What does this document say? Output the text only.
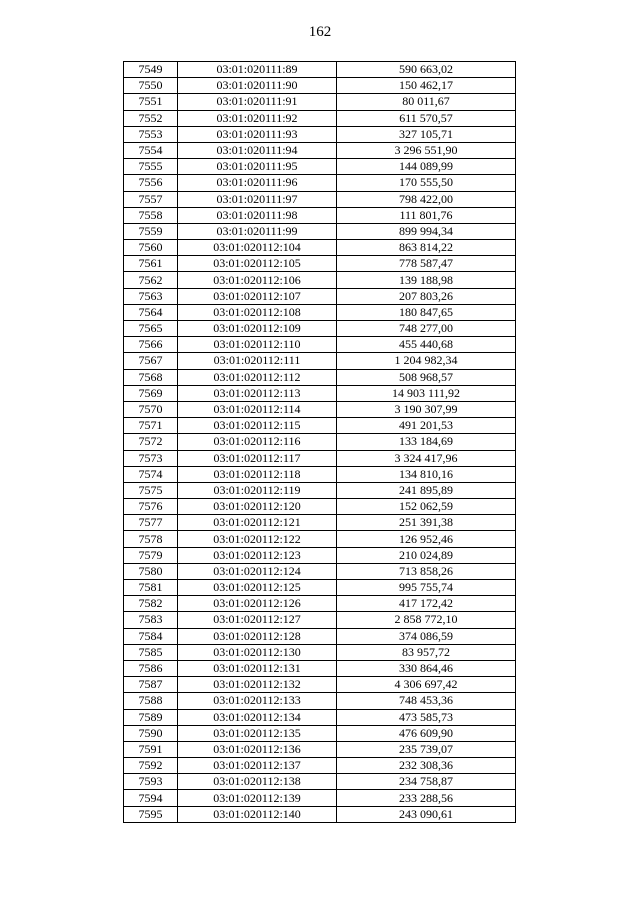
162
7549	03:01:020111:89	590 663,02
7550	03:01:020111:90	150 462,17
7551	03:01:020111:91	80 011,67
7552	03:01:020111:92	611 570,57
7553	03:01:020111:93	327 105,71
7554	03:01:020111:94	3 296 551,90
7555	03:01:020111:95	144 089,99
7556	03:01:020111:96	170 555,50
7557	03:01:020111:97	798 422,00
7558	03:01:020111:98	111 801,76
7559	03:01:020111:99	899 994,34
7560	03:01:020112:104	863 814,22
7561	03:01:020112:105	778 587,47
7562	03:01:020112:106	139 188,98
7563	03:01:020112:107	207 803,26
7564	03:01:020112:108	180 847,65
7565	03:01:020112:109	748 277,00
7566	03:01:020112:110	455 440,68
7567	03:01:020112:111	1 204 982,34
7568	03:01:020112:112	508 968,57
7569	03:01:020112:113	14 903 111,92
7570	03:01:020112:114	3 190 307,99
7571	03:01:020112:115	491 201,53
7572	03:01:020112:116	133 184,69
7573	03:01:020112:117	3 324 417,96
7574	03:01:020112:118	134 810,16
7575	03:01:020112:119	241 895,89
7576	03:01:020112:120	152 062,59
7577	03:01:020112:121	251 391,38
7578	03:01:020112:122	126 952,46
7579	03:01:020112:123	210 024,89
7580	03:01:020112:124	713 858,26
7581	03:01:020112:125	995 755,74
7582	03:01:020112:126	417 172,42
7583	03:01:020112:127	2 858 772,10
7584	03:01:020112:128	374 086,59
7585	03:01:020112:130	83 957,72
7586	03:01:020112:131	330 864,46
7587	03:01:020112:132	4 306 697,42
7588	03:01:020112:133	748 453,36
7589	03:01:020112:134	473 585,73
7590	03:01:020112:135	476 609,90
7591	03:01:020112:136	235 739,07
7592	03:01:020112:137	232 308,36
7593	03:01:020112:138	234 758,87
7594	03:01:020112:139	233 288,56
7595	03:01:020112:140	243 090,61
